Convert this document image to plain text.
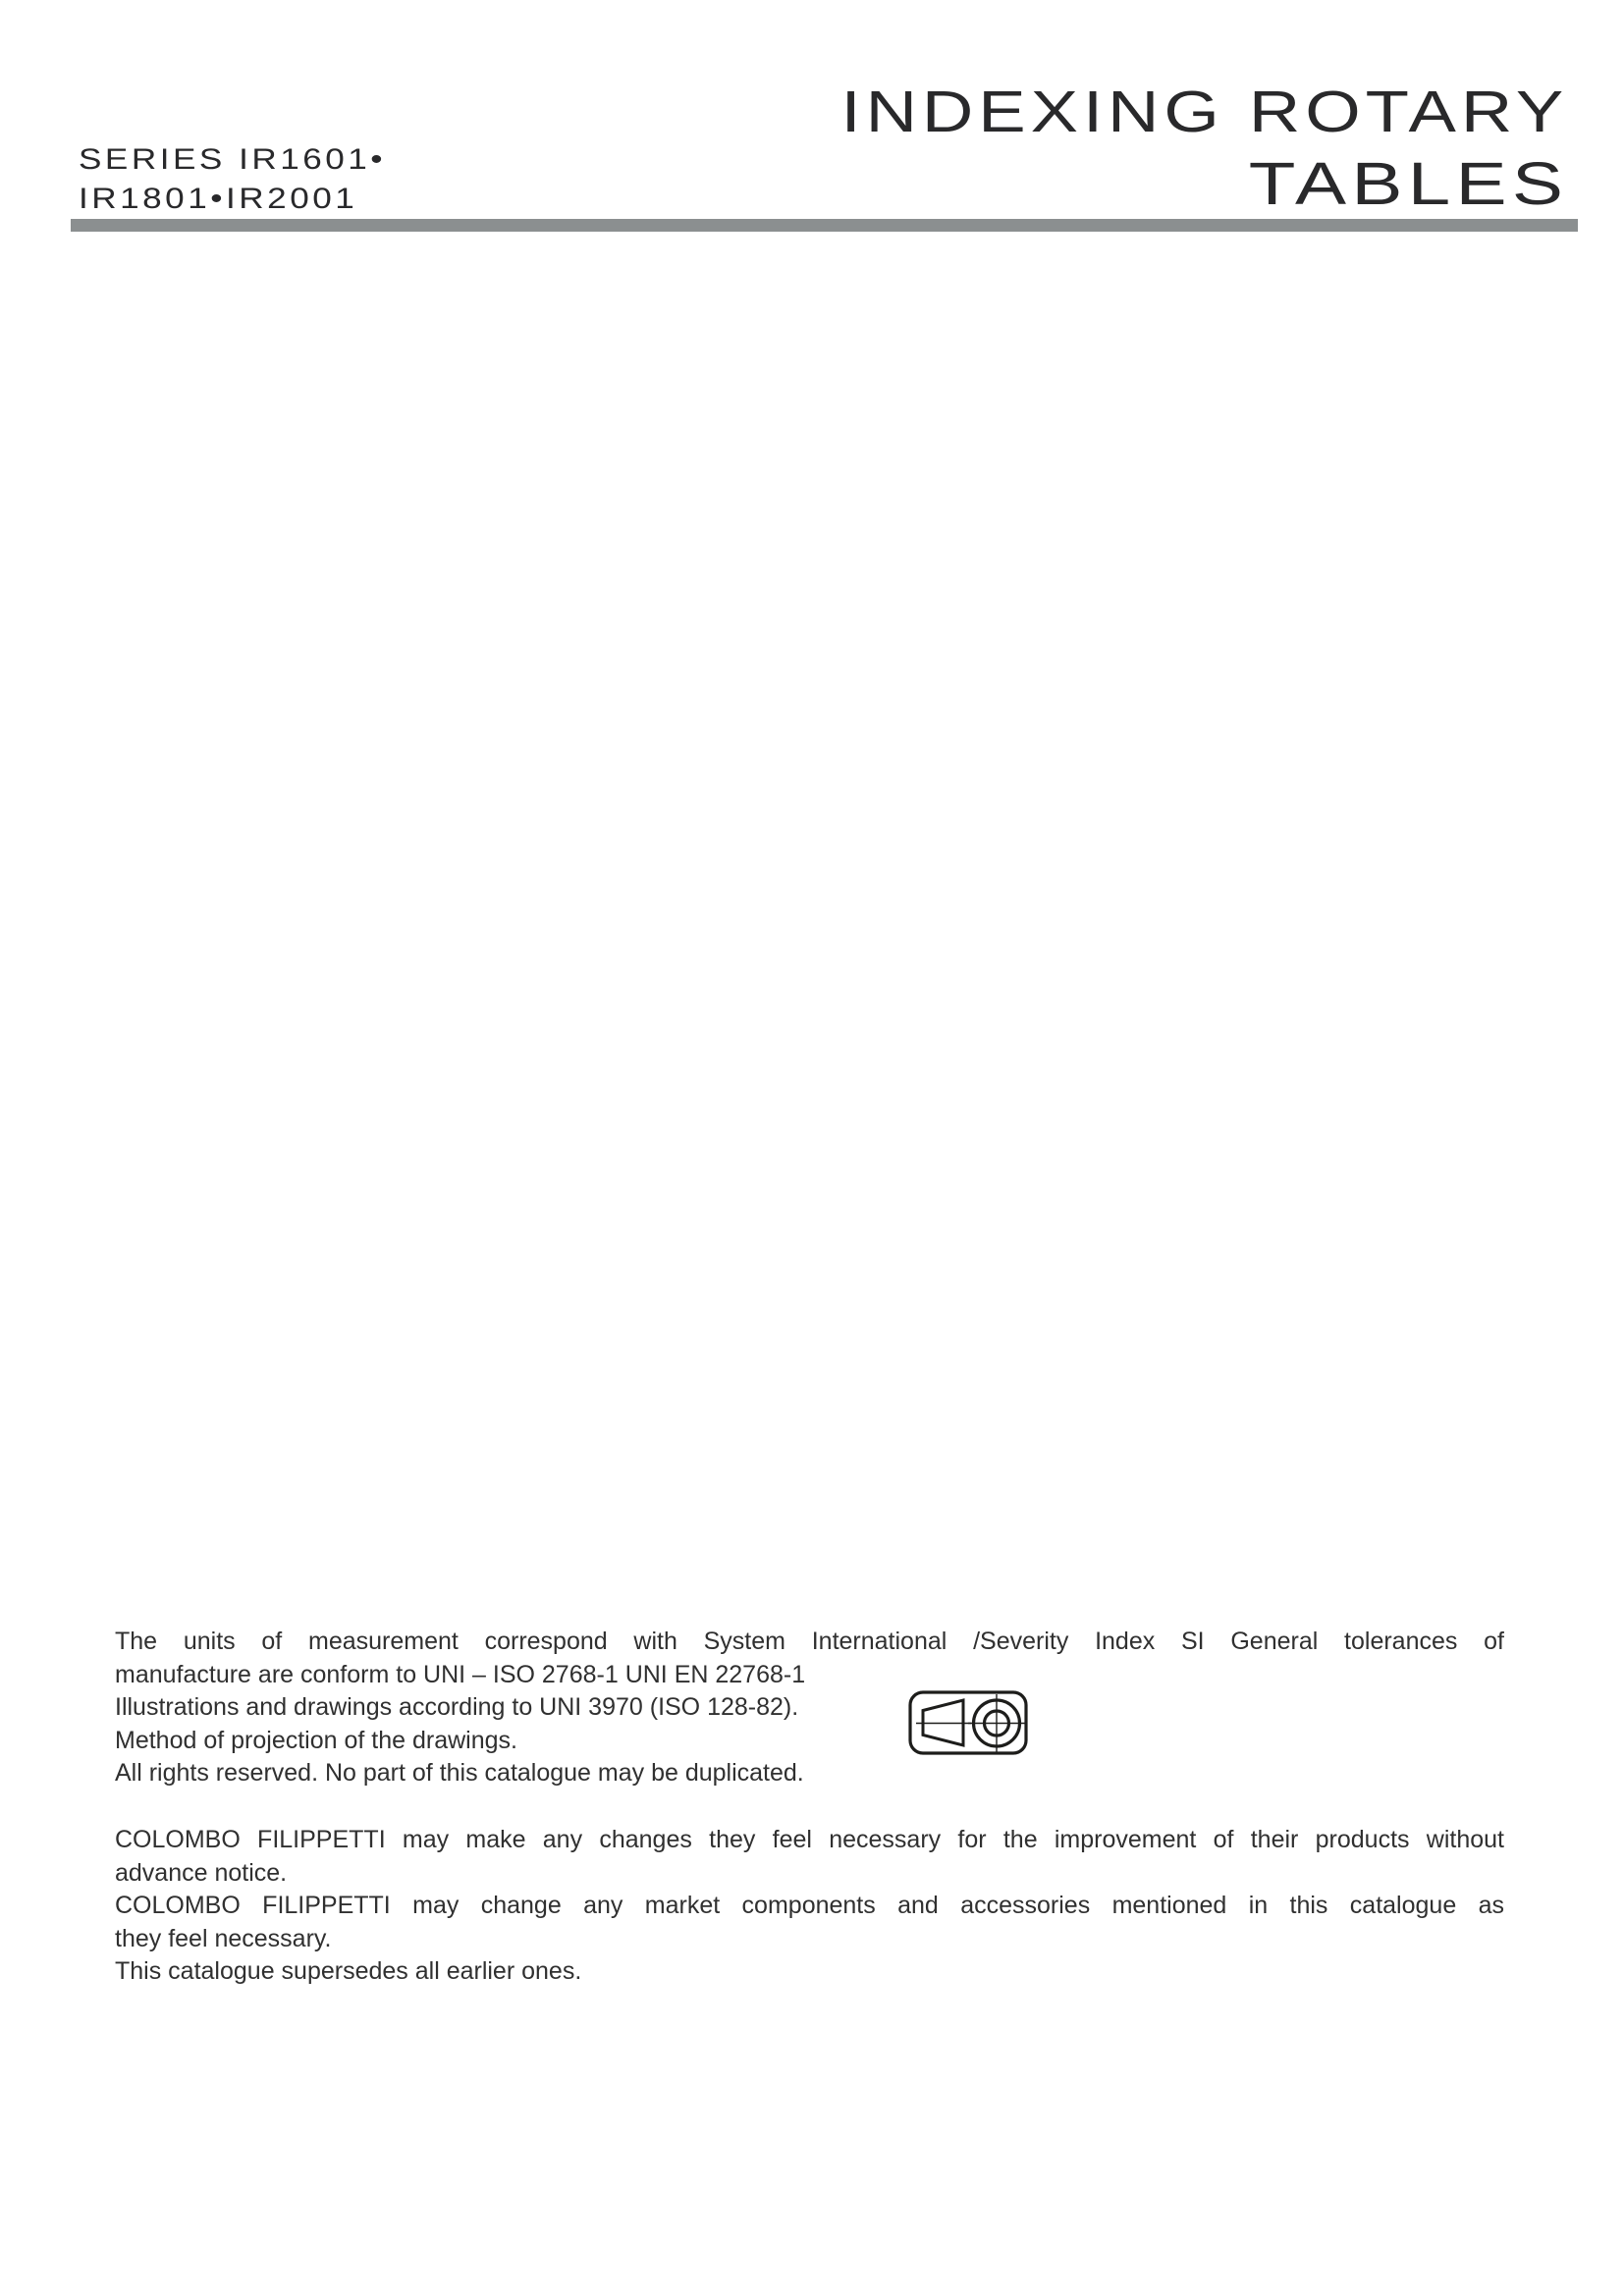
SERIES IR1601•
IR1801•IR2001
INDEXING ROTARY
TABLES
The units of measurement correspond with System International /Severity Index SI General tolerances of
manufacture are conform to UNI – ISO 2768-1 UNI EN 22768-1
Illustrations and drawings according to UNI 3970 (ISO 128-82).
Method of projection of the drawings.
All rights reserved. No part of this catalogue may be duplicated.
COLOMBO FILIPPETTI may make any changes they feel necessary for the improvement of their products without
advance notice.
COLOMBO FILIPPETTI may change any market components and accessories mentioned in this catalogue as
they feel necessary.
This catalogue supersedes all earlier ones.
